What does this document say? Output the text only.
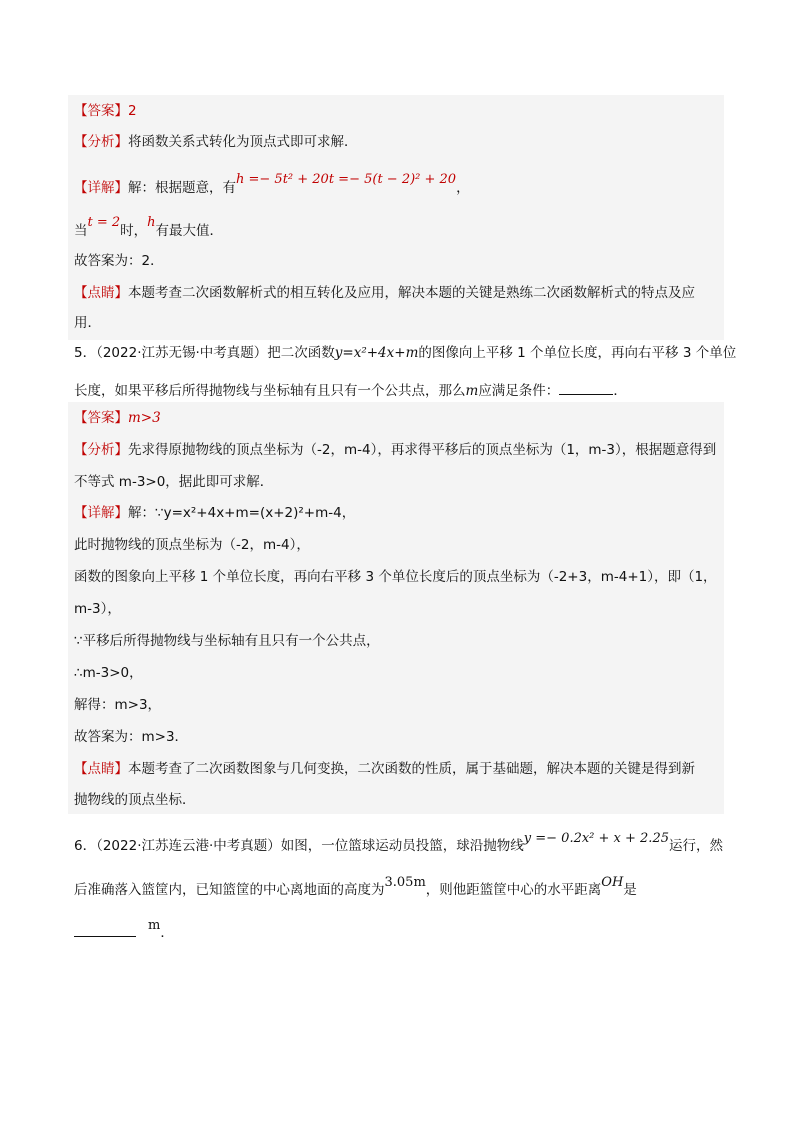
【答案】2
【分析】将函数关系式转化为顶点式即可求解．
【详解】解：根据题意，有h =− 5t² + 20t =− 5(t − 2)² + 20，
当t = 2时，h有最大值．
故答案为：2．
【点睛】本题考查二次函数解析式的相互转化及应用，解决本题的关键是熟练二次函数解析式的特点及应
用．
5．（2022·江苏无锡·中考真题）把二次函数y=x²+4x+m的图像向上平移 1 个单位长度，再向右平移 3 个单位
长度，如果平移后所得抛物线与坐标轴有且只有一个公共点，那么m应满足条件：	．
【答案】m>3
【分析】先求得原抛物线的顶点坐标为（-2，m-4），再求得平移后的顶点坐标为（1，m-3），根据题意得到
不等式 m-3>0，据此即可求解．
【详解】解：∵y=x²+4x+m=(x+2)²+m-4，
此时抛物线的顶点坐标为（-2，m-4），
函数的图象向上平移 1 个单位长度，再向右平移 3 个单位长度后的顶点坐标为（-2+3，m-4+1），即（1，
m-3），
∵平移后所得抛物线与坐标轴有且只有一个公共点，
∴m-3>0，
解得：m>3，
故答案为：m>3．
【点睛】本题考查了二次函数图象与几何变换，二次函数的性质，属于基础题，解决本题的关键是得到新
抛物线的顶点坐标．
6．（2022·江苏连云港·中考真题）如图，一位篮球运动员投篮，球沿抛物线y =− 0.2x² + x + 2.25运行，然
后准确落入篮筐内，已知篮筐的中心离地面的高度为3.05m，则他距篮筐中心的水平距离OH是
m．
